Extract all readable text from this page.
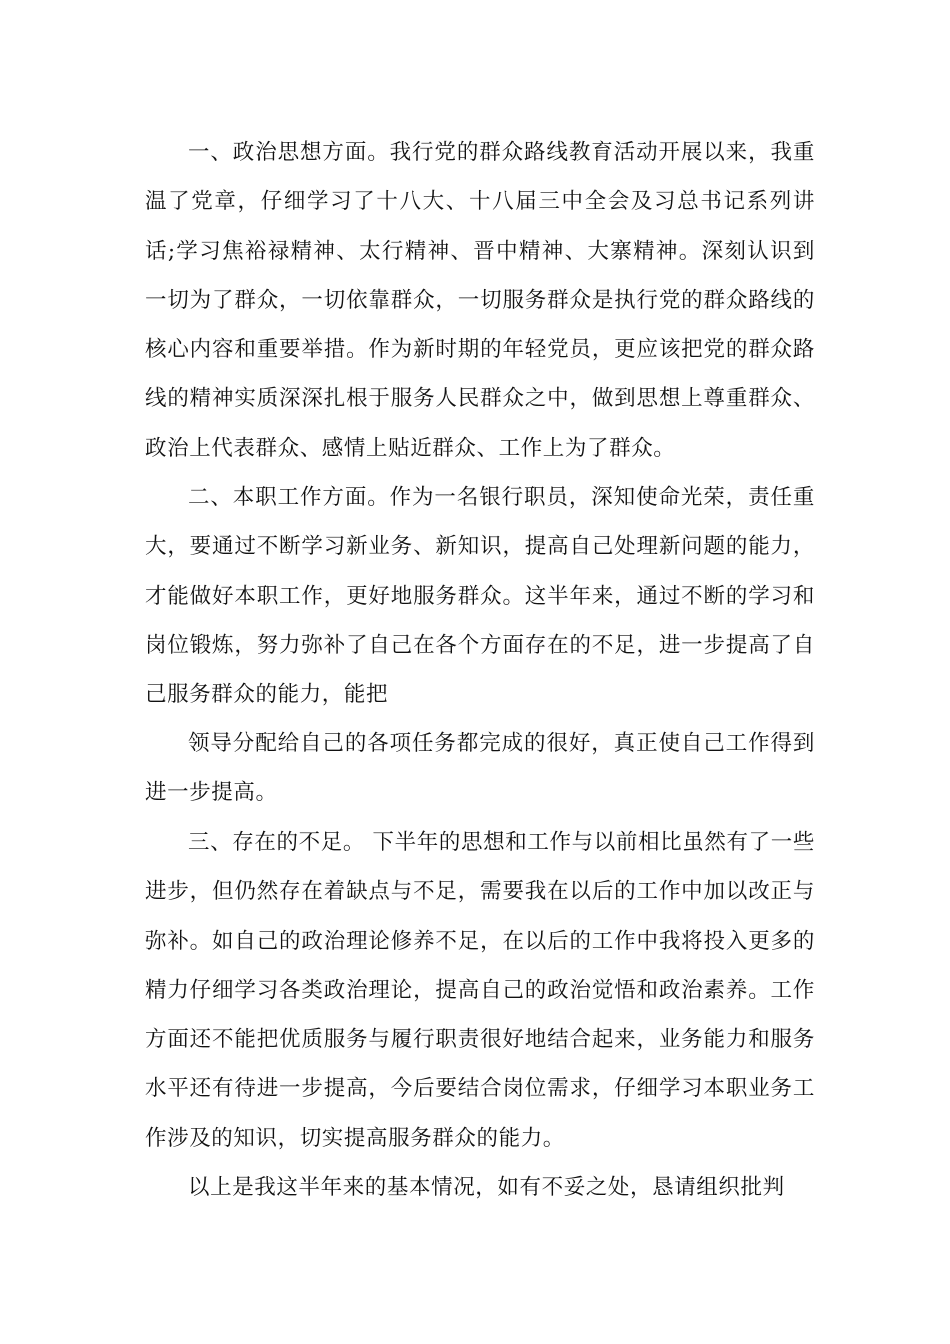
一、政治思想方面。我行党的群众路线教育活动开展以来，我重温了党章，仔细学习了十八大、十八届三中全会及习总书记系列讲话;学习焦裕禄精神、太行精神、晋中精神、大寨精神。深刻认识到一切为了群众，一切依靠群众，一切服务群众是执行党的群众路线的核心内容和重要举措。作为新时期的年轻党员，更应该把党的群众路线的精神实质深深扎根于服务人民群众之中，做到思想上尊重群众、政治上代表群众、感情上贴近群众、工作上为了群众。

二、本职工作方面。作为一名银行职员，深知使命光荣，责任重大，要通过不断学习新业务、新知识，提高自己处理新问题的能力，才能做好本职工作，更好地服务群众。这半年来，通过不断的学习和岗位锻炼，努力弥补了自己在各个方面存在的不足，进一步提高了自己服务群众的能力，能把

领导分配给自己的各项任务都完成的很好，真正使自己工作得到进一步提高。

三、存在的不足。 下半年的思想和工作与以前相比虽然有了一些进步，但仍然存在着缺点与不足，需要我在以后的工作中加以改正与弥补。如自己的政治理论修养不足，在以后的工作中我将投入更多的精力仔细学习各类政治理论，提高自己的政治觉悟和政治素养。工作方面还不能把优质服务与履行职责很好地结合起来，业务能力和服务水平还有待进一步提高，今后要结合岗位需求，仔细学习本职业务工作涉及的知识，切实提高服务群众的能力。

以上是我这半年来的基本情况，如有不妥之处，恳请组织批判
